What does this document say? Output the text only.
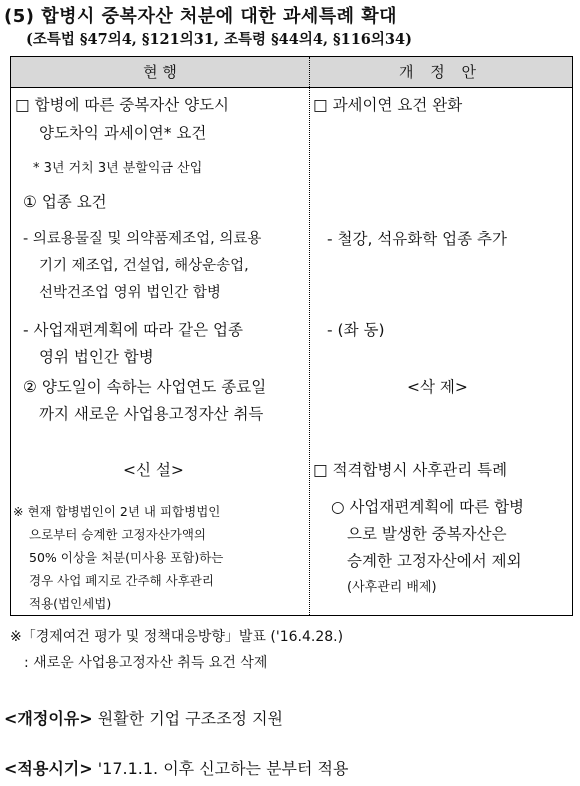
(5) 합병시 중복자산 처분에 대한 과세특례 확대
(조특법 §47의4, §121의31, 조특령 §44의4, §116의34)
현 행	개 정 안
□ 합병에 따른 중복자산 양도시
양도차익 과세이연* 요건
* 3년 거치 3년 분할익금 산입
① 업종 요건
- 의료용물질 및 의약품제조업, 의료용
기기 제조업, 건설업, 해상운송업,
선박건조업 영위 법인간 합병
- 사업재편계획에 따라 같은 업종
영위 법인간 합병
② 양도일이 속하는 사업연도 종료일
까지 새로운 사업용고정자산 취득
<신 설>
※ 현재 합병법인이 2년 내 피합병법인
으로부터 승계한 고정자산가액의
50% 이상을 처분(미사용 포함)하는
경우 사업 폐지로 간주해 사후관리
적용(법인세법)
□ 과세이연 요건 완화
- 철강, 석유화학 업종 추가
- (좌 동)
<삭 제>
□ 적격합병시 사후관리 특례
○ 사업재편계획에 따른 합병
으로 발생한 중복자산은
승계한 고정자산에서 제외
(사후관리 배제)
※「경제여건 평가 및 정책대응방향」발표 ('16.4.28.)
: 새로운 사업용고정자산 취득 요건 삭제
<개정이유> 원활한 기업 구조조정 지원
<적용시기> '17.1.1. 이후 신고하는 분부터 적용
